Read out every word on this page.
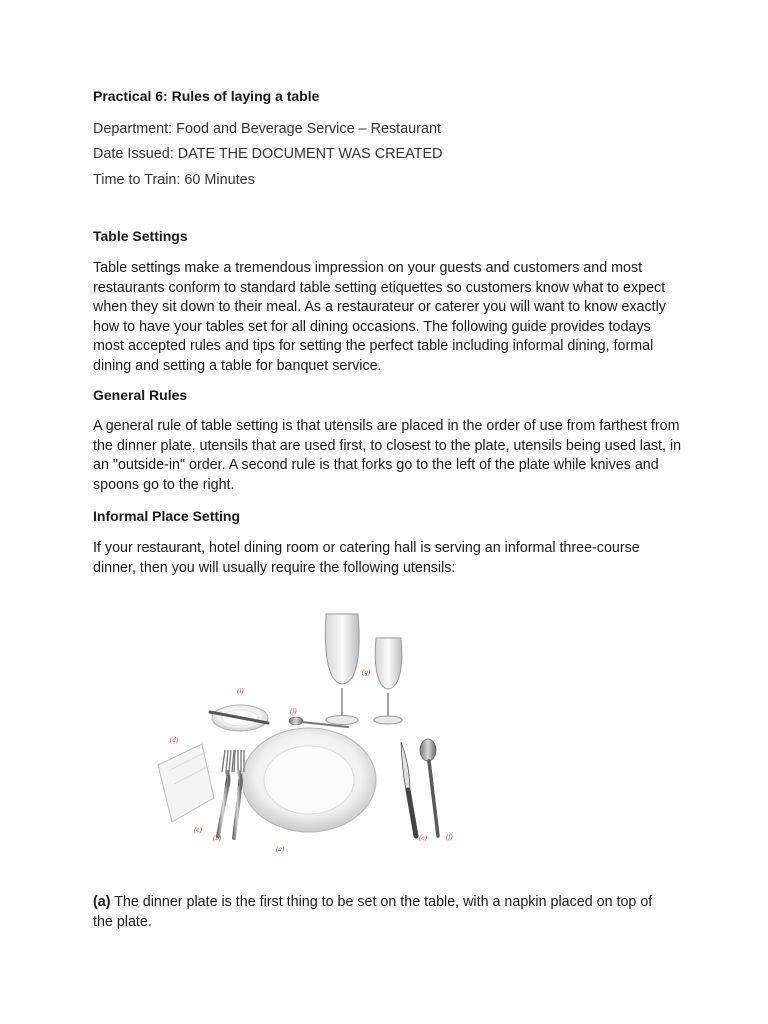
Practical 6: Rules of laying a table
Department: Food and Beverage Service – Restaurant
Date Issued: DATE THE DOCUMENT WAS CREATED
Time to Train: 60 Minutes
Table Settings

Table settings make a tremendous impression on your guests and customers and most restaurants conform to standard table setting etiquettes so customers know what to expect when they sit down to their meal. As a restaurateur or caterer you will want to know exactly how to have your tables set for all dining occasions. The following guide provides todays most accepted rules and tips for setting the perfect table including informal dining, formal dining and setting a table for banquet service.

General Rules

A general rule of table setting is that utensils are placed in the order of use from farthest from the dinner plate, utensils that are used first, to closest to the plate, utensils being used last, in an "outside-in" order. A second rule is that forks go to the left of the plate while knives and spoons go to the right.

Informal Place Setting

If your restaurant, hotel dining room or catering hall is serving an informal three-course dinner, then you will usually require the following utensils:

(i)
(j)
(g)
(d)
(c)
(b)
(a)
(e)	(f)

(a) The dinner plate is the first thing to be set on the table, with a napkin placed on top of the plate.
